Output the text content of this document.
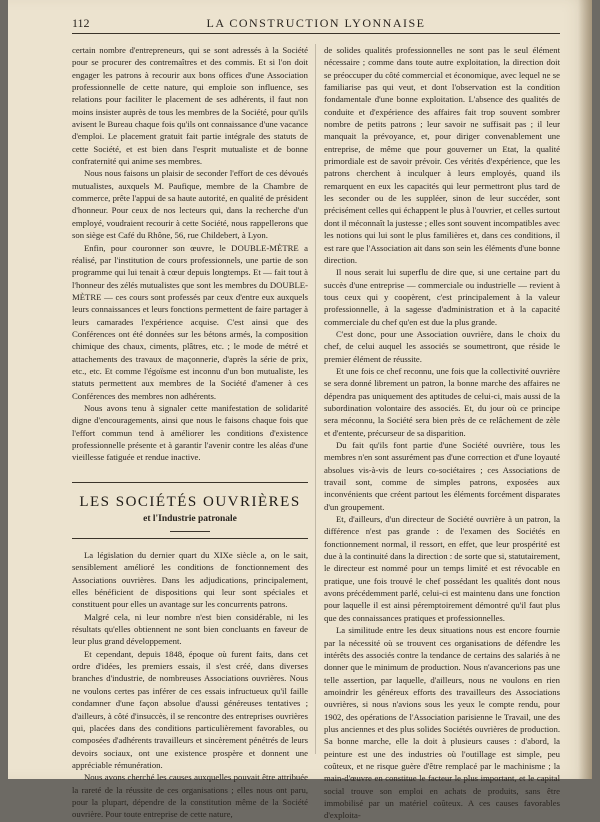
112	LA CONSTRUCTION LYONNAISE

certain nombre d'entrepreneurs, qui se sont adressés à la Société pour se procurer des contremaîtres et des commis. Et si l'on doit engager les patrons à recourir aux bons offices d'une Association professionnelle de cette nature, qui emploie son influence, ses relations pour faciliter le placement de ses adhérents, il faut non moins insister auprès de tous les membres de la Société, pour qu'ils avisent le Bureau chaque fois qu'ils ont connaissance d'une vacance d'emploi. Le placement gratuit fait partie intégrale des statuts de cette Société, et est bien dans l'esprit mutualiste et de bonne confraternité qui anime ses membres.

Nous nous faisons un plaisir de seconder l'effort de ces dévoués mutualistes, auxquels M. Paufique, membre de la Chambre de commerce, prête l'appui de sa haute autorité, en qualité de président d'honneur. Pour ceux de nos lecteurs qui, dans la recherche d'un employé, voudraient recourir à cette Société, nous rappellerons que son siège est Café du Rhône, 56, rue Childebert, à Lyon.

Enfin, pour couronner son œuvre, le DOUBLE-MÈTRE a réalisé, par l'institution de cours professionnels, une partie de son programme qui lui tenait à cœur depuis longtemps. Et — fait tout à l'honneur des zélés mutualistes que sont les membres du DOUBLE-MÈTRE — ces cours sont professés par ceux d'entre eux auxquels leurs connaissances et leurs fonctions permettent de faire partager à leurs camarades l'expérience acquise. C'est ainsi que des Conférences ont été données sur les bétons armés, la composition chimique des chaux, ciments, plâtres, etc. ; le mode de métré et attachements des travaux de maçonnerie, d'après la série de prix, etc., etc. Et comme l'égoïsme est inconnu d'un bon mutualiste, les statuts permettent aux membres de la Société d'amener à ces Conférences des membres non adhérents.

Nous avons tenu à signaler cette manifestation de solidarité digne d'encouragements, ainsi que nous le faisons chaque fois que l'effort commun tend à améliorer les conditions d'existence professionnelle présente et à garantir l'avenir contre les aléas d'une vieillesse fatiguée et rendue inactive.

LES SOCIÉTÉS OUVRIÈRES
et l'Industrie patronale

La législation du dernier quart du XIXe siècle a, on le sait, sensiblement amélioré les conditions de fonctionnement des Associations ouvrières. Dans les adjudications, principalement, elles bénéficient de dispositions qui leur sont spéciales et constituent pour elles un avantage sur les concurrents patrons.

Malgré cela, ni leur nombre n'est bien considérable, ni les résultats qu'elles obtiennent ne sont bien concluants en faveur de leur plus grand développement.

Et cependant, depuis 1848, époque où furent faits, dans cet ordre d'idées, les premiers essais, il s'est créé, dans diverses branches d'industrie, de nombreuses Associations ouvrières. Nous ne voulons certes pas inférer de ces essais infructueux qu'il faille condamner d'une façon absolue d'aussi généreuses tentatives ; d'ailleurs, à côté d'insuccès, il se rencontre des entreprises ouvrières qui, placées dans des conditions particulièrement favorables, ou composées d'adhérents travailleurs et sincèrement pénétrés de leurs devoirs sociaux, ont une existence prospère et donnent une appréciable rémunération.

Nous avons cherché les causes auxquelles pouvait être attribuée la rareté de la réussite de ces organisations ; elles nous ont paru, pour la plupart, dépendre de la constitution même de la Société ouvrière. Pour toute entreprise de cette nature,

de solides qualités professionnelles ne sont pas le seul élément nécessaire ; comme dans toute autre exploitation, la direction doit se préoccuper du côté commercial et économique, avec lequel ne se familiarise pas qui veut, et dont l'observation est la condition fondamentale d'une bonne exploitation. L'absence des qualités de conduite et d'expérience des affaires fait trop souvent sombrer nombre de petits patrons ; leur savoir ne suffisait pas ; il leur manquait la prévoyance, et, pour diriger convenablement une entreprise, de même que pour gouverner un Etat, la qualité primordiale est de savoir prévoir. Ces vérités d'expérience, que les patrons cherchent à inculquer à leurs employés, quand ils remarquent en eux les capacités qui leur permettront plus tard de les seconder ou de les suppléer, sinon de leur succéder, sont précisément celles qui échappent le plus à l'ouvrier, et celles surtout dont il méconnaît la justesse ; elles sont souvent incompatibles avec les notions qui lui sont le plus familières et, dans ces conditions, il est rare que l'Association ait dans son sein les éléments d'une bonne direction.

Il nous serait lui superflu de dire que, si une certaine part du succès d'une entreprise — commerciale ou industrielle — revient à tous ceux qui y coopèrent, c'est principalement à la valeur professionnelle, à la sagesse d'administration et à la capacité commerciale du chef qu'en est due la plus grande.

C'est donc, pour une Association ouvrière, dans le choix du chef, de celui auquel les associés se soumettront, que réside le premier élément de réussite.

Et une fois ce chef reconnu, une fois que la collectivité ouvrière se sera donné librement un patron, la bonne marche des affaires ne dépendra pas uniquement des aptitudes de celui-ci, mais aussi de la subordination volontaire des associés. Et, du jour où ce principe sera méconnu, la Société sera bien près de ce relâchement de zèle et d'entente, précurseur de sa disparition.

Du fait qu'ils font partie d'une Société ouvrière, tous les membres n'en sont assurément pas d'une correction et d'une loyauté absolues vis-à-vis de leurs co-sociétaires ; ces Associations de travail sont, comme de simples patrons, exposées aux inconvénients que créent partout les éléments forcément disparates d'un groupement.

Et, d'ailleurs, d'un directeur de Société ouvrière à un patron, la différence n'est pas grande : de l'examen des Sociétés en fonctionnement normal, il ressort, en effet, que leur prospérité est due à la continuité dans la direction : de sorte que si, statutairement, le directeur est nommé pour un temps limité et est révocable en pratique, une fois trouvé le chef possédant les qualités dont nous avons précédemment parlé, celui-ci est maintenu dans une fonction pour laquelle il est ainsi péremptoirement démontré qu'il faut plus que des connaissances pratiques et professionnelles.

La similitude entre les deux situations nous est encore fournie par la nécessité où se trouvent ces organisations de défendre les intérêts des associés contre la tendance de certains des salariés à ne donner que le minimum de production. Nous n'avancerions pas une telle assertion, par laquelle, d'ailleurs, nous ne voulons en rien amoindrir les généreux efforts des travailleurs des Associations ouvrières, si nous n'avions sous les yeux le compte rendu, pour 1902, des opérations de l'Association parisienne le Travail, une des plus anciennes et des plus solides Sociétés ouvrières de production. Sa bonne marche, elle la doit à plusieurs causes : d'abord, la peinture est une des industries où l'outillage est simple, peu coûteux, et ne risque guère d'être remplacé par le machinisme ; la main-d'œuvre en constitue le facteur le plus important, et le capital social trouve son emploi en achats de produits, sans être immobilisé par un matériel coûteux. A ces causes favorables d'exploita-
